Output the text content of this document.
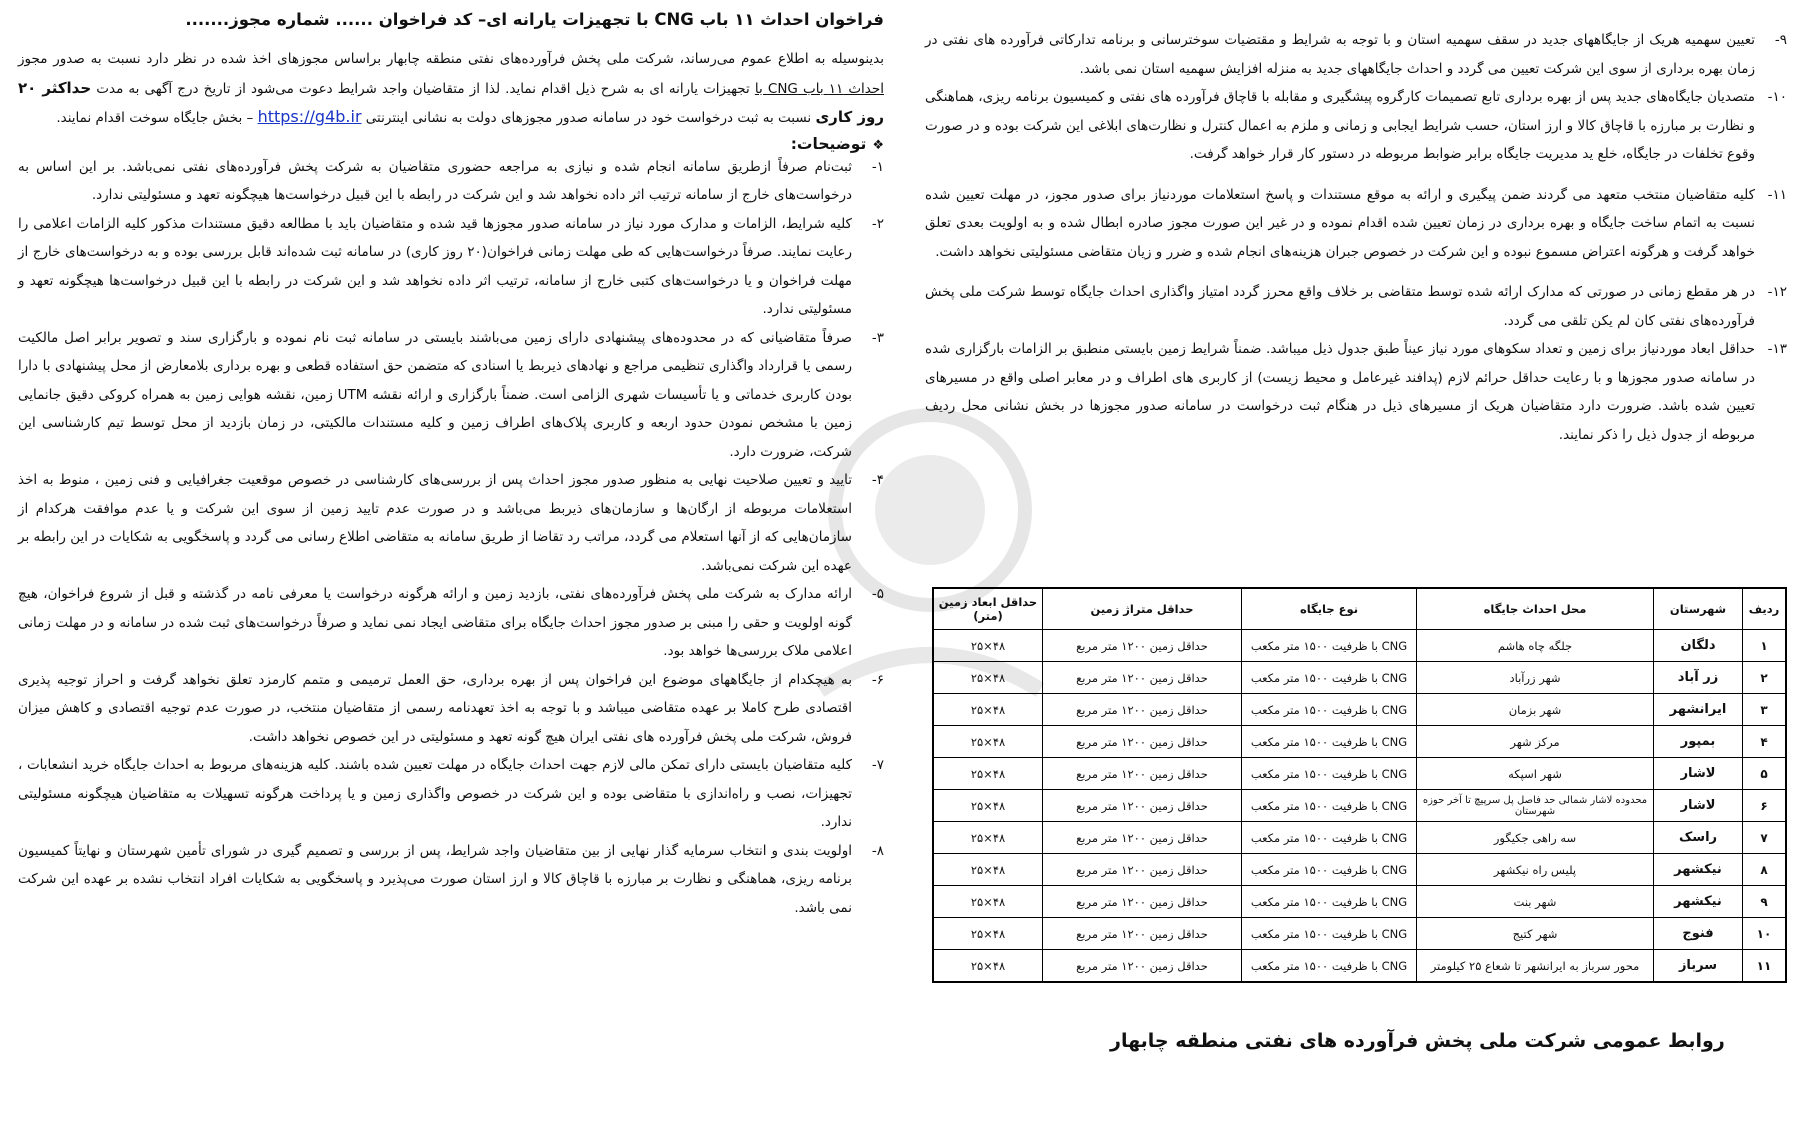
فراخوان احداث ۱۱ باب CNG با تجهیزات یارانه ای– کد فراخوان ...... شماره مجوز.......

بدینوسیله به اطلاع عموم می‌رساند، شرکت ملی پخش فرآورده‌های نفتی منطقه چابهار براساس مجوزهای اخذ شده در نظر دارد نسبت به صدور مجوز احداث ۱۱ باب CNG با تجهیزات یارانه ای به شرح ذیل اقدام نماید. لذا از متقاضیان واجد شرایط دعوت می‌شود از تاریخ درج آگهی به مدت حداکثر ۲۰ روز کاری نسبت به ثبت درخواست خود در سامانه صدور مجوزهای دولت به نشانی اینترنتی https://g4b.ir – بخش جایگاه سوخت اقدام نمایند.

❖توضیحات:
-۱
ثبت‌نام صرفاً ازطریق سامانه انجام شده و نیازی به مراجعه حضوری متقاضیان به شرکت پخش فرآورده‌های نفتی نمی‌باشد. بر این اساس به درخواست‌های خارج از سامانه ترتیب اثر داده نخواهد شد و این شرکت در رابطه با این قبیل درخواست‌ها هیچگونه تعهد و مسئولیتی ندارد.
-۲
کلیه شرایط، الزامات و مدارک مورد نیاز در سامانه صدور مجوزها قید شده و متقاضیان باید با مطالعه دقیق مستندات مذکور کلیه الزامات اعلامی را رعایت نمایند. صرفاً درخواست‌هایی که طی مهلت زمانی فراخوان(۲۰ روز کاری) در سامانه ثبت شده‌اند قابل بررسی بوده و به درخواست‌های خارج از مهلت فراخوان و یا درخواست‌های کتبی خارج از سامانه، ترتیب اثر داده نخواهد شد و این شرکت در رابطه با این قبیل درخواست‌ها هیچگونه تعهد و مسئولیتی ندارد.
-۳
صرفاً متقاضیانی که در محدوده‌های پیشنهادی دارای زمین می‌باشند بایستی در سامانه ثبت نام نموده و بارگزاری سند و تصویر برابر اصل مالکیت رسمی یا قرارداد واگذاری تنظیمی مراجع و نهادهای ذیربط یا اسنادی که متضمن حق استفاده قطعی و بهره برداری بلامعارض از محل پیشنهادی با دارا بودن کاربری خدماتی و یا تأسیسات شهری الزامی است. ضمناً بارگزاری و ارائه نقشه UTM زمین، نقشه هوایی زمین به همراه کروکی دقیق جانمایی زمین با مشخص نمودن حدود اربعه و کاربری پلاک‌های اطراف زمین و کلیه مستندات مالکیتی، در زمان بازدید از محل توسط تیم کارشناسی این شرکت، ضرورت دارد.
-۴
تایید و تعیین صلاحیت نهایی به منظور صدور مجوز احداث پس از بررسی‌های کارشناسی در خصوص موقعیت جغرافیایی و فنی زمین ، منوط به اخذ استعلامات مربوطه از ارگان‌ها و سازمان‌های ذیربط می‌باشد و در صورت عدم تایید زمین از سوی این شرکت و یا عدم موافقت هرکدام از سازمان‌هایی که از آنها استعلام می گردد، مراتب رد تقاضا از طریق سامانه به متقاضی اطلاع رسانی می گردد و پاسخگویی به شکایات در این رابطه بر عهده این شرکت نمی‌باشد.
-۵
ارائه مدارک به شرکت ملی پخش فرآورده‌های نفتی، بازدید زمین و ارائه هرگونه درخواست یا معرفی نامه در گذشته و قبل از شروع فراخوان، هیچ گونه اولویت و حقی را مبنی بر صدور مجوز احداث جایگاه برای متقاضی ایجاد نمی نماید و صرفاً درخواست‌های ثبت شده در سامانه و در مهلت زمانی اعلامی ملاک بررسی‌ها خواهد بود.
-۶
به هیچکدام از جایگاههای موضوع این فراخوان پس از بهره برداری، حق العمل ترمیمی و متمم کارمزد تعلق نخواهد گرفت و احراز توجیه پذیری اقتصادی طرح کاملا بر عهده متقاضی میباشد و با توجه به اخذ تعهدنامه رسمی از متقاضیان منتخب، در صورت عدم توجیه اقتصادی و کاهش میزان فروش، شرکت ملی پخش فرآورده های نفتی ایران هیچ گونه تعهد و مسئولیتی در این خصوص نخواهد داشت.
-۷
کلیه متقاضیان بایستی دارای تمکن مالی لازم جهت احداث جایگاه در مهلت تعیین شده باشند. کلیه هزینه‌های مربوط به احداث جایگاه خرید انشعابات ، تجهیزات، نصب و راه‌اندازی با متقاضی بوده و این شرکت در خصوص واگذاری زمین و یا پرداخت هرگونه تسهیلات به متقاضیان هیچگونه مسئولیتی ندارد.
-۸
اولویت بندی و انتخاب سرمایه گذار نهایی از بین متقاضیان واجد شرایط، پس از بررسی و تصمیم گیری در شورای تأمین شهرستان و نهایتاً کمیسیون برنامه ریزی، هماهنگی و نظارت بر مبارزه با قاچاق کالا و ارز استان صورت می‌پذیرد و پاسخگویی به شکایات افراد انتخاب نشده بر عهده این شرکت نمی باشد.
-۹
تعیین سهمیه هریک از جایگاههای جدید در سقف سهمیه استان و با توجه به شرایط و مقتضیات سوخترسانی و برنامه تدارکاتی فرآورده های نفتی در زمان بهره برداری از سوی این شرکت تعیین می گردد و احداث جایگاههای جدید به منزله افزایش سهمیه استان نمی باشد.
-۱۰
متصدیان جایگاه‌های جدید پس از بهره برداری تابع تصمیمات کارگروه پیشگیری و مقابله با قاچاق فرآورده های نفتی و کمیسیون برنامه ریزی، هماهنگی و نظارت بر مبارزه با قاچاق کالا و ارز استان، حسب شرایط ایجابی و زمانی و ملزم به اعمال کنترل و نظارت‌های ابلاغی این شرکت بوده و در صورت وقوع تخلفات در جایگاه، خلع ید مدیریت جایگاه برابر ضوابط مربوطه در دستور کار قرار خواهد گرفت.
-۱۱
کلیه متقاضیان منتخب متعهد می گردند ضمن پیگیری و ارائه به موقع مستندات و پاسخ استعلامات موردنیاز برای صدور مجوز، در مهلت تعیین شده نسبت به اتمام ساخت جایگاه و بهره برداری در زمان تعیین شده اقدام نموده و در غیر این صورت مجوز صادره ابطال شده و به اولویت بعدی تعلق خواهد گرفت و هرگونه اعتراض مسموع نبوده و این شرکت در خصوص جبران هزینه‌های انجام شده و ضرر و زیان متقاضی مسئولیتی نخواهد داشت.
-۱۲
در هر مقطع زمانی در صورتی که مدارک ارائه شده توسط متقاضی بر خلاف واقع محرز گردد امتیاز واگذاری احداث جایگاه توسط شرکت ملی پخش فرآورده‌های نفتی کان لم یکن تلقی می گردد.
-۱۳
حداقل ابعاد موردنیاز برای زمین و تعداد سکوهای مورد نیاز عیناً طبق جدول ذیل میباشد. ضمناً شرایط زمین بایستی منطبق بر الزامات بارگزاری شده در سامانه صدور مجوزها و با رعایت حداقل حرائم لازم (پدافند غیرعامل و محیط زیست) از کاربری های اطراف و در معابر اصلی واقع در مسیرهای تعیین شده باشد. ضرورت دارد متقاضیان هریک از مسیرهای ذیل در هنگام ثبت درخواست در سامانه صدور مجوزها در بخش نشانی محل ردیف مربوطه از جدول ذیل را ذکر نمایند.
ردیف	شهرستان	محل احداث جایگاه	نوع جایگاه	حداقل متراژ زمین	حداقل ابعاد زمین (متر)
۱	دلگان	جلگه چاه هاشم	CNG با ظرفیت ۱۵۰۰ متر مکعب	حداقل زمین ۱۲۰۰ متر مربع	۴۸×۲۵
۲	زر آباد	شهر زرآباد	CNG با ظرفیت ۱۵۰۰ متر مکعب	حداقل زمین ۱۲۰۰ متر مربع	۴۸×۲۵
۳	ایرانشهر	شهر بزمان	CNG با ظرفیت ۱۵۰۰ متر مکعب	حداقل زمین ۱۲۰۰ متر مربع	۴۸×۲۵
۴	بمپور	مرکز شهر	CNG با ظرفیت ۱۵۰۰ متر مکعب	حداقل زمین ۱۲۰۰ متر مربع	۴۸×۲۵
۵	لاشار	شهر اسپکه	CNG با ظرفیت ۱۵۰۰ متر مکعب	حداقل زمین ۱۲۰۰ متر مربع	۴۸×۲۵
۶	لاشار	محدوده لاشار شمالی حد فاصل پل سرپیچ تا آخر حوزه شهرستان	CNG با ظرفیت ۱۵۰۰ متر مکعب	حداقل زمین ۱۲۰۰ متر مربع	۴۸×۲۵
۷	راسک	سه راهی جکیگور	CNG با ظرفیت ۱۵۰۰ متر مکعب	حداقل زمین ۱۲۰۰ متر مربع	۴۸×۲۵
۸	نیکشهر	پلیس راه نیکشهر	CNG با ظرفیت ۱۵۰۰ متر مکعب	حداقل زمین ۱۲۰۰ متر مربع	۴۸×۲۵
۹	نیکشهر	شهر بنت	CNG با ظرفیت ۱۵۰۰ متر مکعب	حداقل زمین ۱۲۰۰ متر مربع	۴۸×۲۵
۱۰	فنوج	شهر کتیج	CNG با ظرفیت ۱۵۰۰ متر مکعب	حداقل زمین ۱۲۰۰ متر مربع	۴۸×۲۵
۱۱	سرباز	محور سرباز به ایرانشهر تا شعاع ۲۵ کیلومتر	CNG با ظرفیت ۱۵۰۰ متر مکعب	حداقل زمین ۱۲۰۰ متر مربع	۴۸×۲۵
روابط عمومی شرکت ملی پخش فرآورده های نفتی منطقه چابهار
